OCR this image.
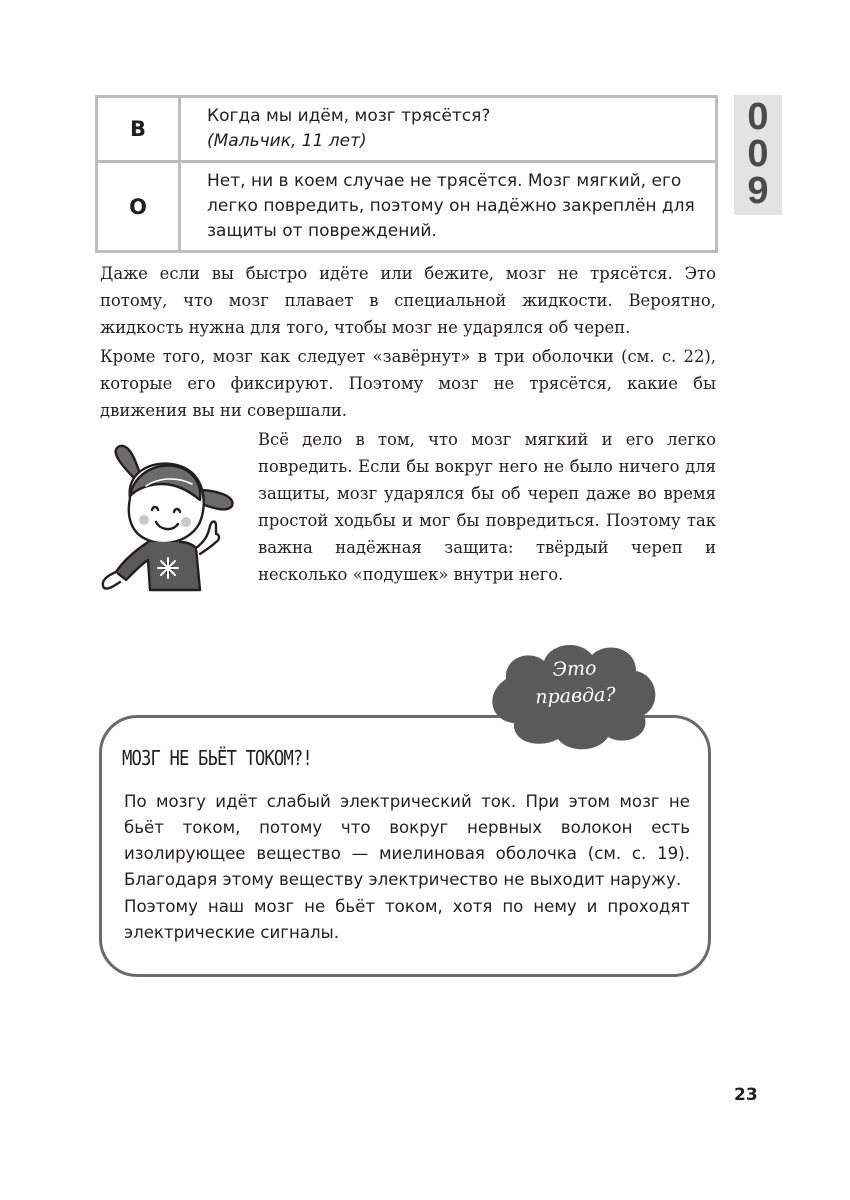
В	Когда мы идём, мозг трясётся?
(Мальчик, 11 лет)

О	Нет, ни в коем случае не трясётся. Мозг мягкий, его легко повредить, поэтому он надёжно закреплён для защиты от повреждений.
0
0
9

Даже если вы быстро идёте или бежите, мозг не трясётся. Это потому, что мозг плавает в специальной жидкости. Вероятно, жидкость нужна для того, чтобы мозг не ударялся об череп.

Кроме того, мозг как следует «завёрнут» в три оболочки (см. с. 22), которые его фиксируют. Поэтому мозг не трясётся, какие бы движения вы ни совершали.

Всё дело в том, что мозг мягкий и его легко повредить. Если бы вокруг него не было ничего для защиты, мозг ударялся бы об череп даже во время простой ходьбы и мог бы повредиться. Поэтому так важна надёжная защита: твёрдый череп и несколько «подушек» внутри него.

Это
правда?
МОЗГ НЕ БЬЁТ ТОКОМ?!

По мозгу идёт слабый электрический ток. При этом мозг не бьёт током, потому что вокруг нервных волокон есть изолирующее вещество — миелиновая оболочка (см. с. 19). Благодаря этому веществу электричество не выходит наружу.

Поэтому наш мозг не бьёт током, хотя по нему и проходят электрические сигналы.

23
